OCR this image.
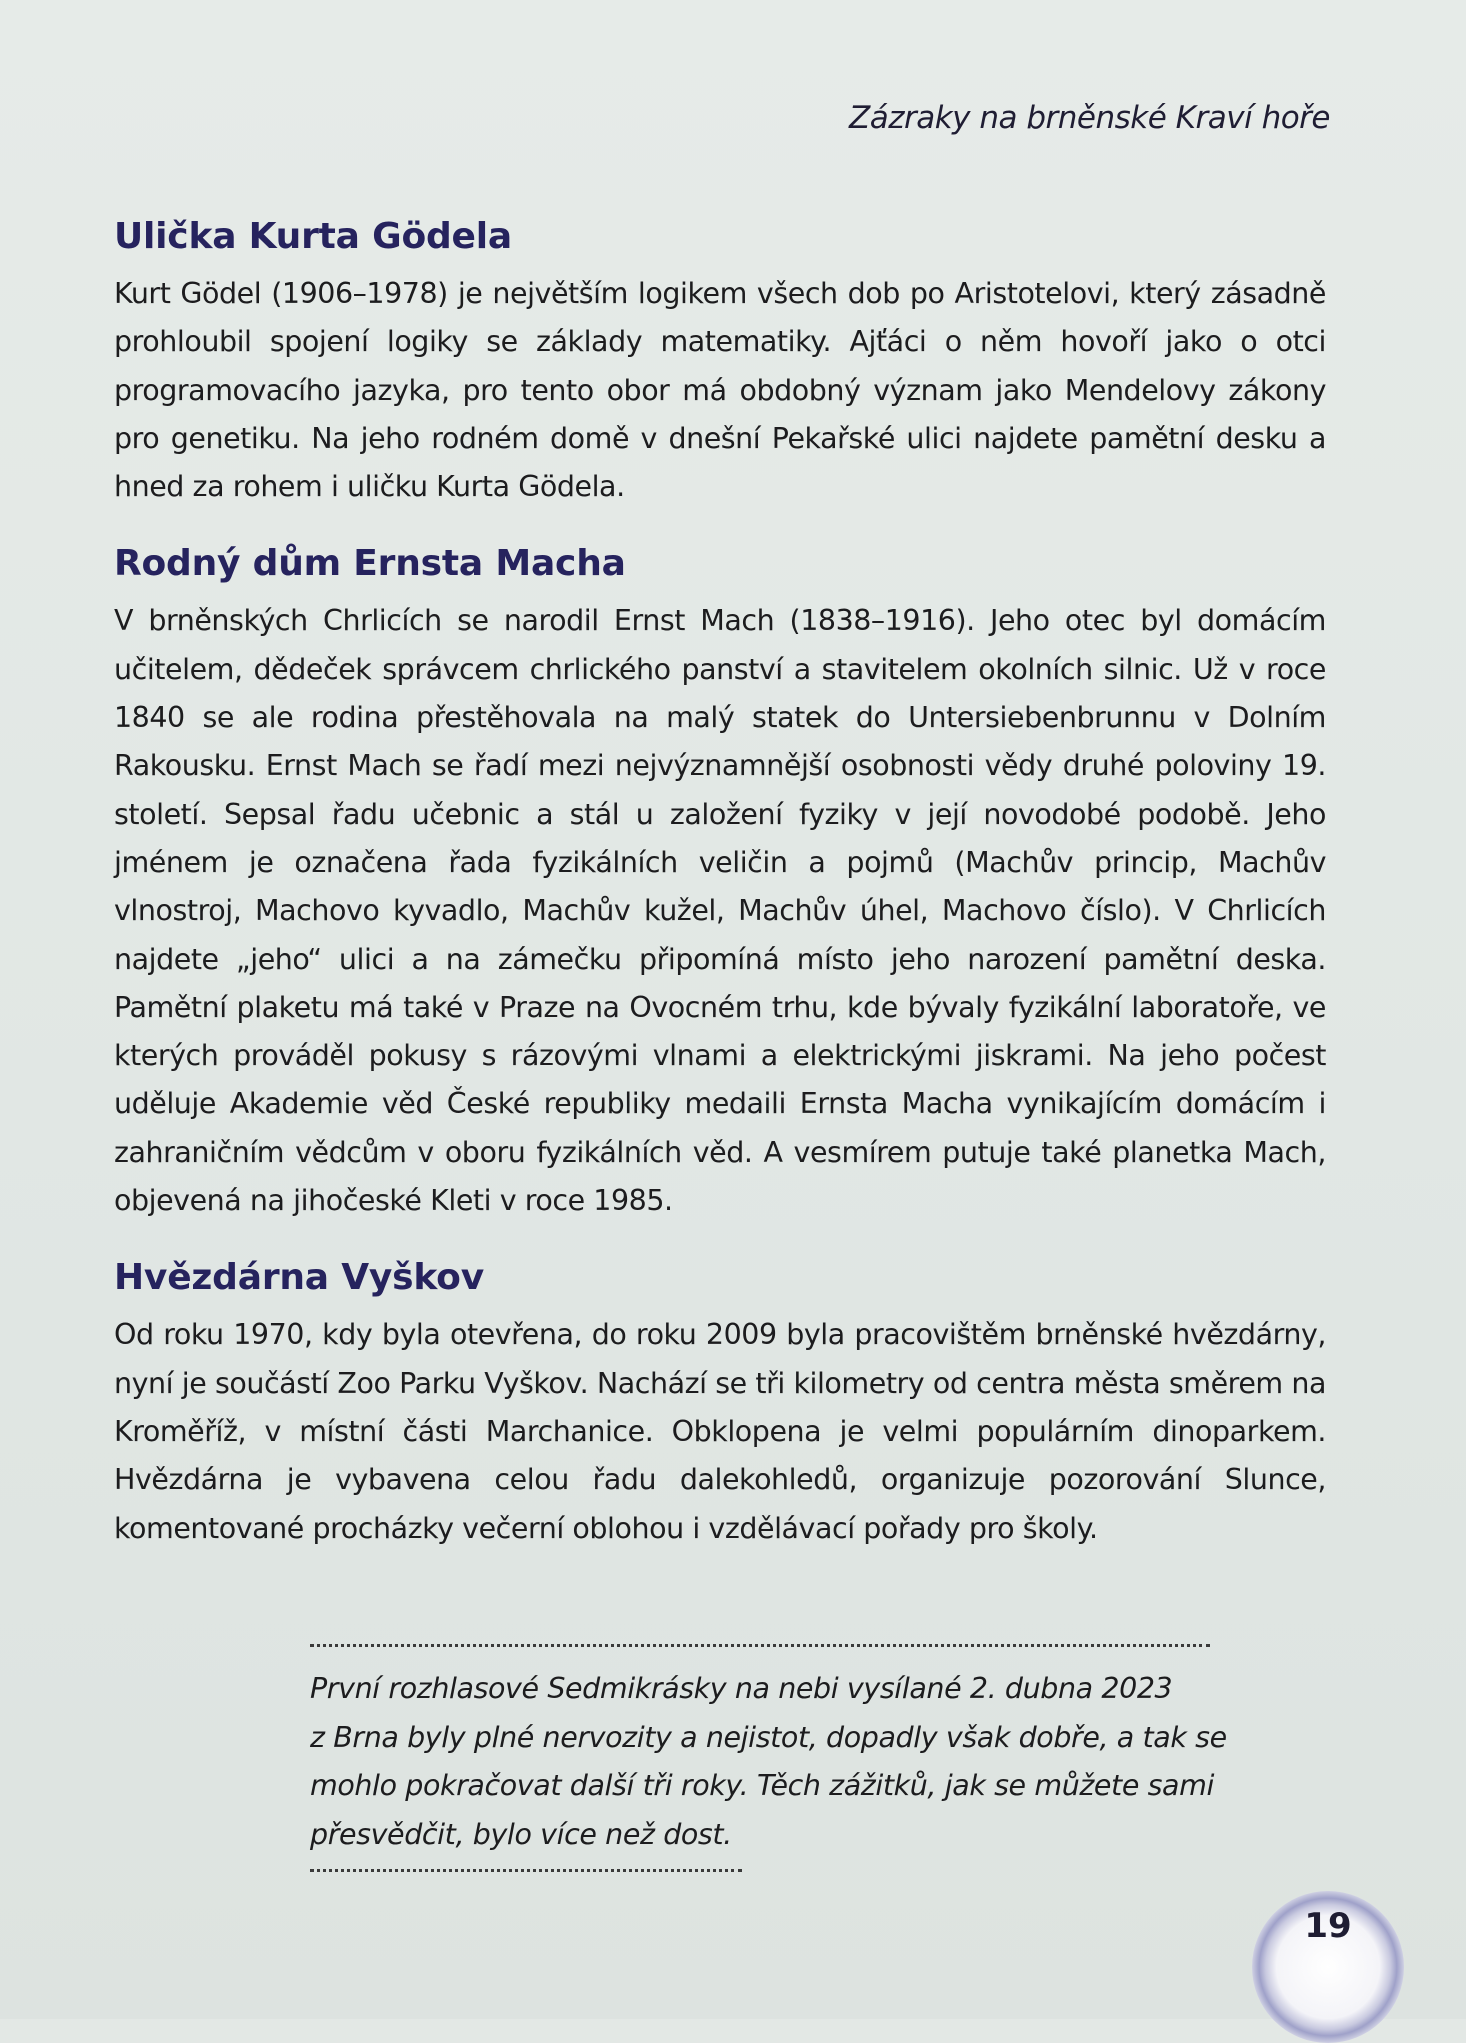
Zázraky na brněnské Kraví hoře
Ulička Kurta Gödela

Kurt Gödel (1906–1978) je největším logikem všech dob po Aristotelovi, který zásadně prohloubil spojení logiky se základy matematiky. Ajťáci o něm hovoří jako o otci programovacího jazyka, pro tento obor má obdobný význam jako Mendelovy zákony pro genetiku. Na jeho rodném domě v dnešní Pekařské ulici najdete pamětní desku a hned za rohem i uličku Kurta Gödela.

Rodný dům Ernsta Macha

V brněnských Chrlicích se narodil Ernst Mach (1838–1916). Jeho otec byl domácím učitelem, dědeček správcem chrlického panství a stavitelem okolních silnic. Už v roce 1840 se ale rodina přestěhovala na malý statek do Untersiebenbrunnu v Dolním Rakousku. Ernst Mach se řadí mezi nejvýznamnější osobnosti vědy druhé poloviny 19. století. Sepsal řadu učebnic a stál u založení fyziky v její novodobé podobě. Jeho jménem je označena řada fyzikálních veličin a pojmů (Machův princip, Machův vlnostroj, Machovo kyvadlo, Machův kužel, Machův úhel, Machovo číslo). V Chrlicích najdete „jeho“ ulici a na zámečku připomíná místo jeho narození pamětní deska. Pamětní plaketu má také v Praze na Ovocném trhu, kde bývaly fyzikální laboratoře, ve kterých prováděl pokusy s rázovými vlnami a elektrickými jiskrami. Na jeho počest uděluje Akademie věd České republiky medaili Ernsta Macha vynikajícím domácím i zahraničním vědcům v oboru fyzikálních věd. A vesmírem putuje také planetka Mach, objevená na jihočeské Kleti v roce 1985.

Hvězdárna Vyškov

Od roku 1970, kdy byla otevřena, do roku 2009 byla pracovištěm brněnské hvězdárny, nyní je součástí Zoo Parku Vyškov. Nachází se tři kilometry od centra města směrem na Kroměříž, v místní části Marchanice. Obklopena je velmi populárním dinoparkem. Hvězdárna je vybavena celou řadu dalekohledů, organizuje pozorování Slunce, komentované procházky večerní oblohou i vzdělávací pořady pro školy.

První rozhlasové Sedmikrásky na nebi vysílané 2. dubna 2023
z Brna byly plné nervozity a nejistot, dopadly však dobře, a tak se
mohlo pokračovat další tři roky. Těch zážitků, jak se můžete sami
přesvědčit, bylo více než dost.
19
